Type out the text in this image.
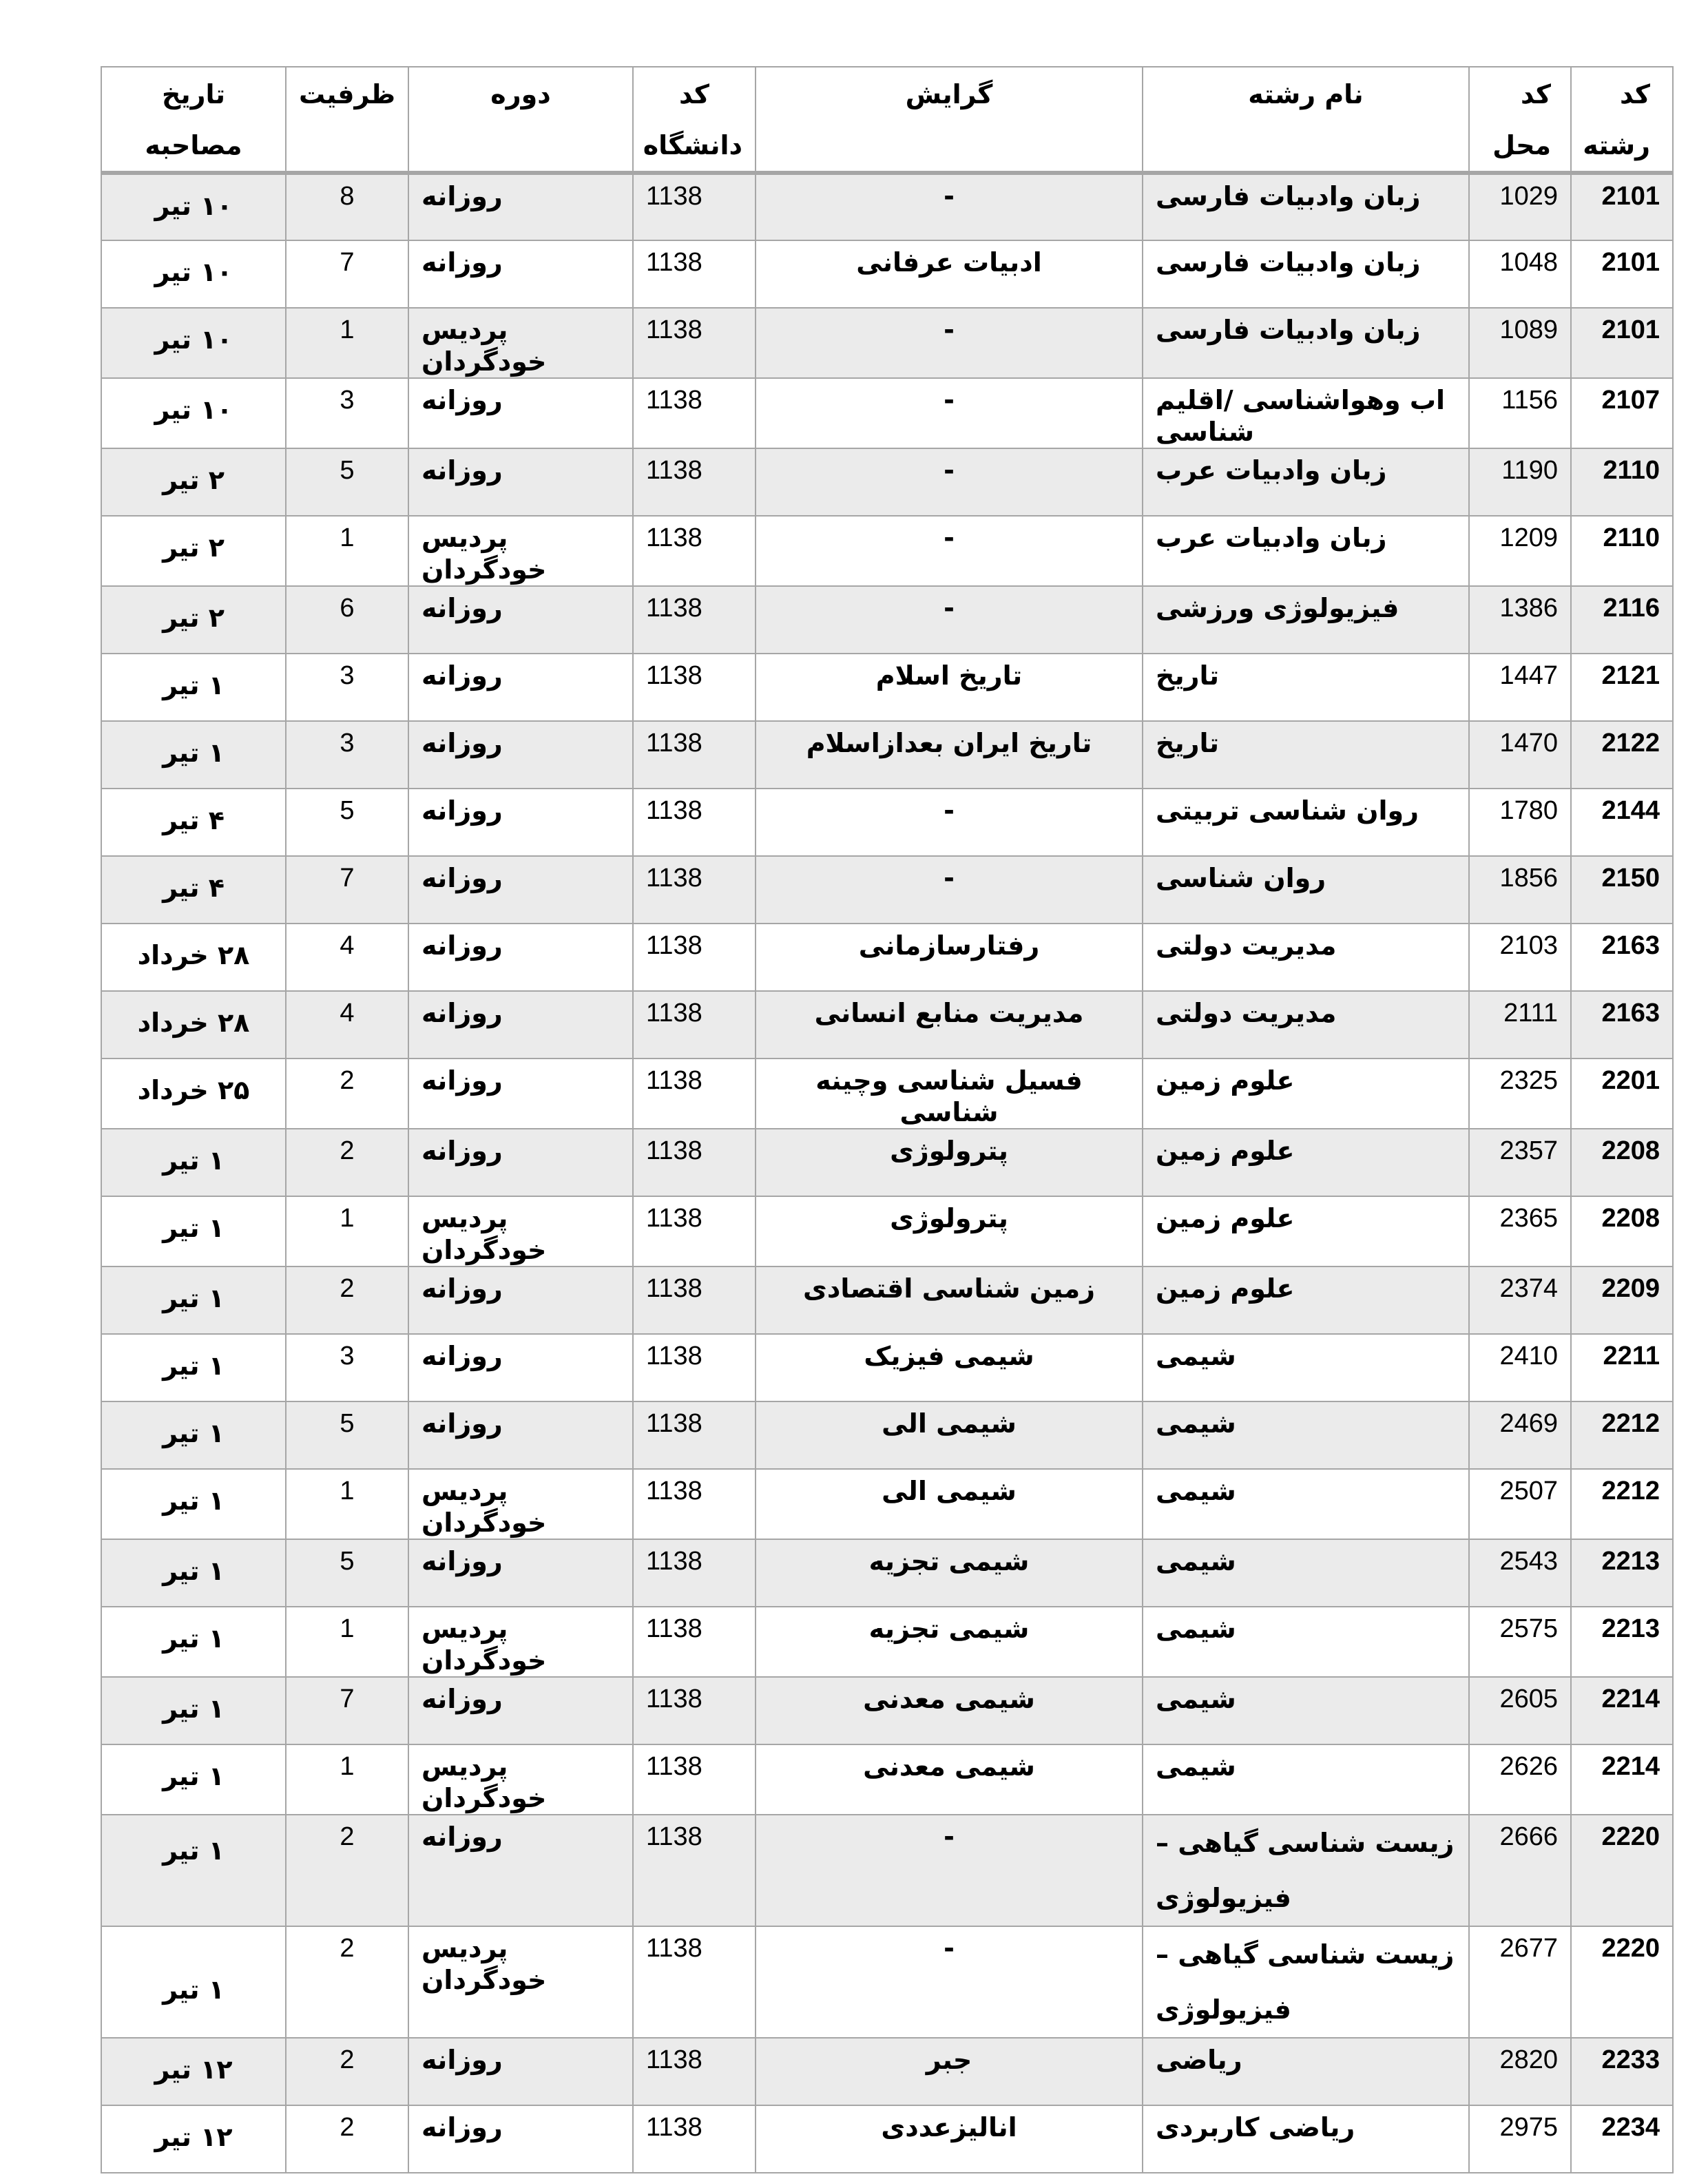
کد رشته	کد محل	نام رشته	گرایش	کد دانشگاه	دوره	ظرفیت	تاریخ مصاحبه
2101	1029	زبان وادبیات فارسی	-	1138	روزانه	8	۱۰ تیر
2101	1048	زبان وادبیات فارسی	ادبیات عرفانی	1138	روزانه	7	۱۰ تیر
2101	1089	زبان وادبیات فارسی	-	1138	پردیس خودگردان	1	۱۰ تیر
2107	1156	اب وهواشناسی /اقلیم شناسی	-	1138	روزانه	3	۱۰ تیر
2110	1190	زبان وادبیات عرب	-	1138	روزانه	5	۲ تیر
2110	1209	زبان وادبیات عرب	-	1138	پردیس خودگردان	1	۲ تیر
2116	1386	فیزیولوژی ورزشی	-	1138	روزانه	6	۲ تیر
2121	1447	تاریخ	تاریخ اسلام	1138	روزانه	3	۱ تیر
2122	1470	تاریخ	تاریخ ایران بعدازاسلام	1138	روزانه	3	۱ تیر
2144	1780	روان شناسی تربیتی	-	1138	روزانه	5	۴ تیر
2150	1856	روان شناسی	-	1138	روزانه	7	۴ تیر
2163	2103	مدیریت دولتی	رفتارسازمانی	1138	روزانه	4	۲۸ خرداد
2163	2111	مدیریت دولتی	مدیریت منابع انسانی	1138	روزانه	4	۲۸ خرداد
2201	2325	علوم زمین	فسیل شناسی وچینه شناسی	1138	روزانه	2	۲۵ خرداد
2208	2357	علوم زمین	پترولوژی	1138	روزانه	2	۱ تیر
2208	2365	علوم زمین	پترولوژی	1138	پردیس خودگردان	1	۱ تیر
2209	2374	علوم زمین	زمین شناسی اقتصادی	1138	روزانه	2	۱ تیر
2211	2410	شیمی	شیمی فیزیک	1138	روزانه	3	۱ تیر
2212	2469	شیمی	شیمی الی	1138	روزانه	5	۱ تیر
2212	2507	شیمی	شیمی الی	1138	پردیس خودگردان	1	۱ تیر
2213	2543	شیمی	شیمی تجزیه	1138	روزانه	5	۱ تیر
2213	2575	شیمی	شیمی تجزیه	1138	پردیس خودگردان	1	۱ تیر
2214	2605	شیمی	شیمی معدنی	1138	روزانه	7	۱ تیر
2214	2626	شیمی	شیمی معدنی	1138	پردیس خودگردان	1	۱ تیر
2220	2666	زیست شناسی گیاهی – فیزیولوژی	-	1138	روزانه	2	۱ تیر
2220	2677	زیست شناسی گیاهی – فیزیولوژی	-	1138	پردیس خودگردان	2	۱ تیر
2233	2820	ریاضی	جبر	1138	روزانه	2	۱۲ تیر
2234	2975	ریاضی کاربردی	انالیزعددی	1138	روزانه	2	۱۲ تیر
